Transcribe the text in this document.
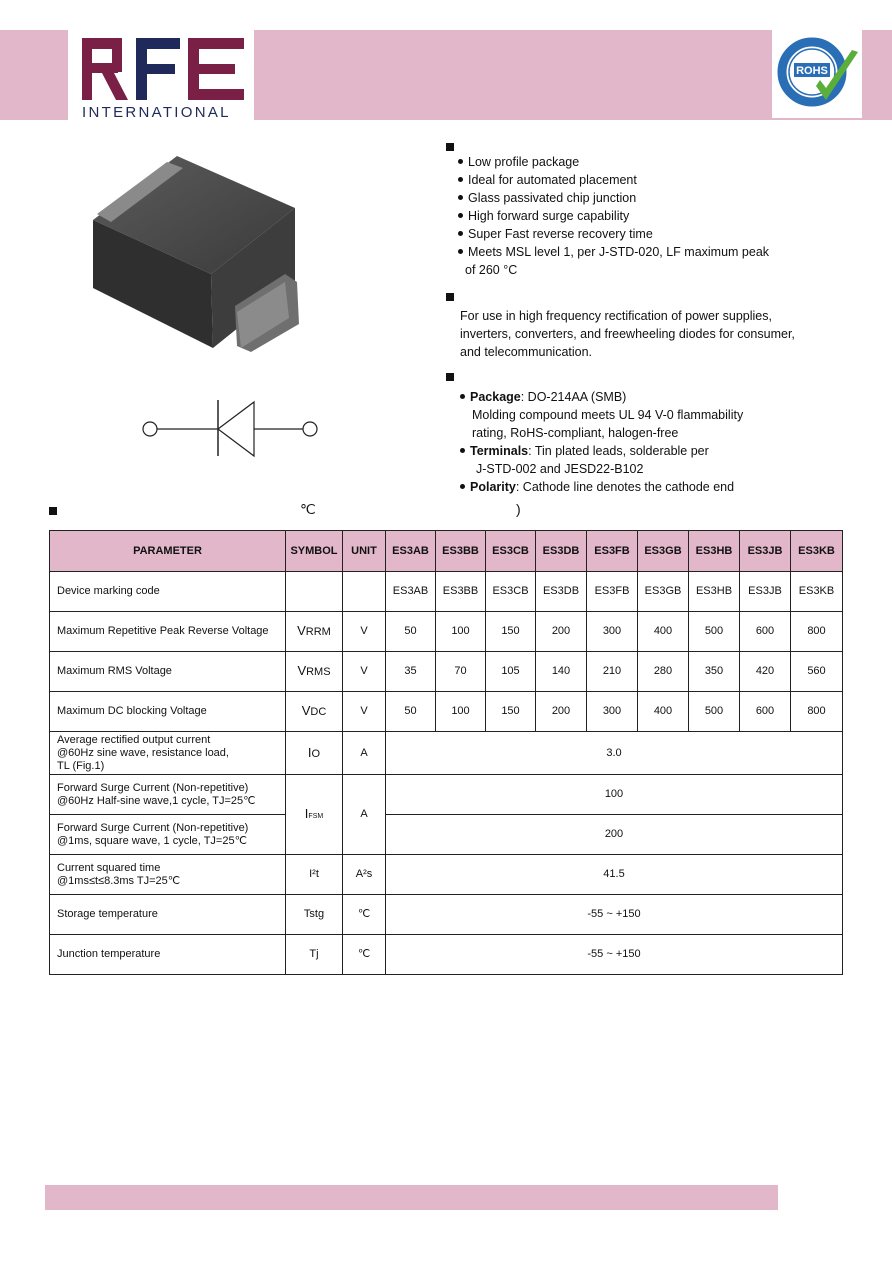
INTERNATIONAL
ROHS
Low profile package
Ideal for automated placement
Glass passivated chip junction
High forward surge capability
Super Fast reverse recovery time
Meets MSL level 1, per J-STD-020, LF maximum peak
of 260 °C
For use in high frequency rectification of power supplies,
inverters, converters, and freewheeling diodes for consumer,
and telecommunication.
Package: DO-214AA (SMB)
Molding compound meets UL 94 V-0 flammability
rating, RoHS-compliant, halogen-free
Terminals: Tin plated leads, solderable per
J-STD-002 and JESD22-B102
Polarity: Cathode line denotes the cathode end
℃	)
PARAMETER	SYMBOL	UNIT	ES3AB	ES3BB	ES3CB	ES3DB	ES3FB	ES3GB	ES3HB	ES3JB	ES3KB
Device marking code			ES3AB	ES3BB	ES3CB	ES3DB	ES3FB	ES3GB	ES3HB	ES3JB	ES3KB
Maximum Repetitive Peak Reverse Voltage	VRRM	V	50	100	150	200	300	400	500	600	800
Maximum RMS Voltage	VRMS	V	35	70	105	140	210	280	350	420	560
Maximum DC blocking Voltage	VDC	V	50	100	150	200	300	400	500	600	800

Average rectified output current
@60Hz sine wave, resistance load,
TL (Fig.1)	IO	A	3.0								

Forward Surge Current (Non-repetitive)
@60Hz Half-sine wave,1 cycle, TJ=25℃	IFSM	A	100								

Forward Surge Current (Non-repetitive)
@1ms, square wave, 1 cycle, TJ=25℃			200								

Current squared time
@1ms≤t≤8.3ms TJ=25℃	I²t	A²s	41.5								
Storage temperature	Tstg	℃	-55 ~ +150								
Junction temperature	Tj	℃	-55 ~ +150								
